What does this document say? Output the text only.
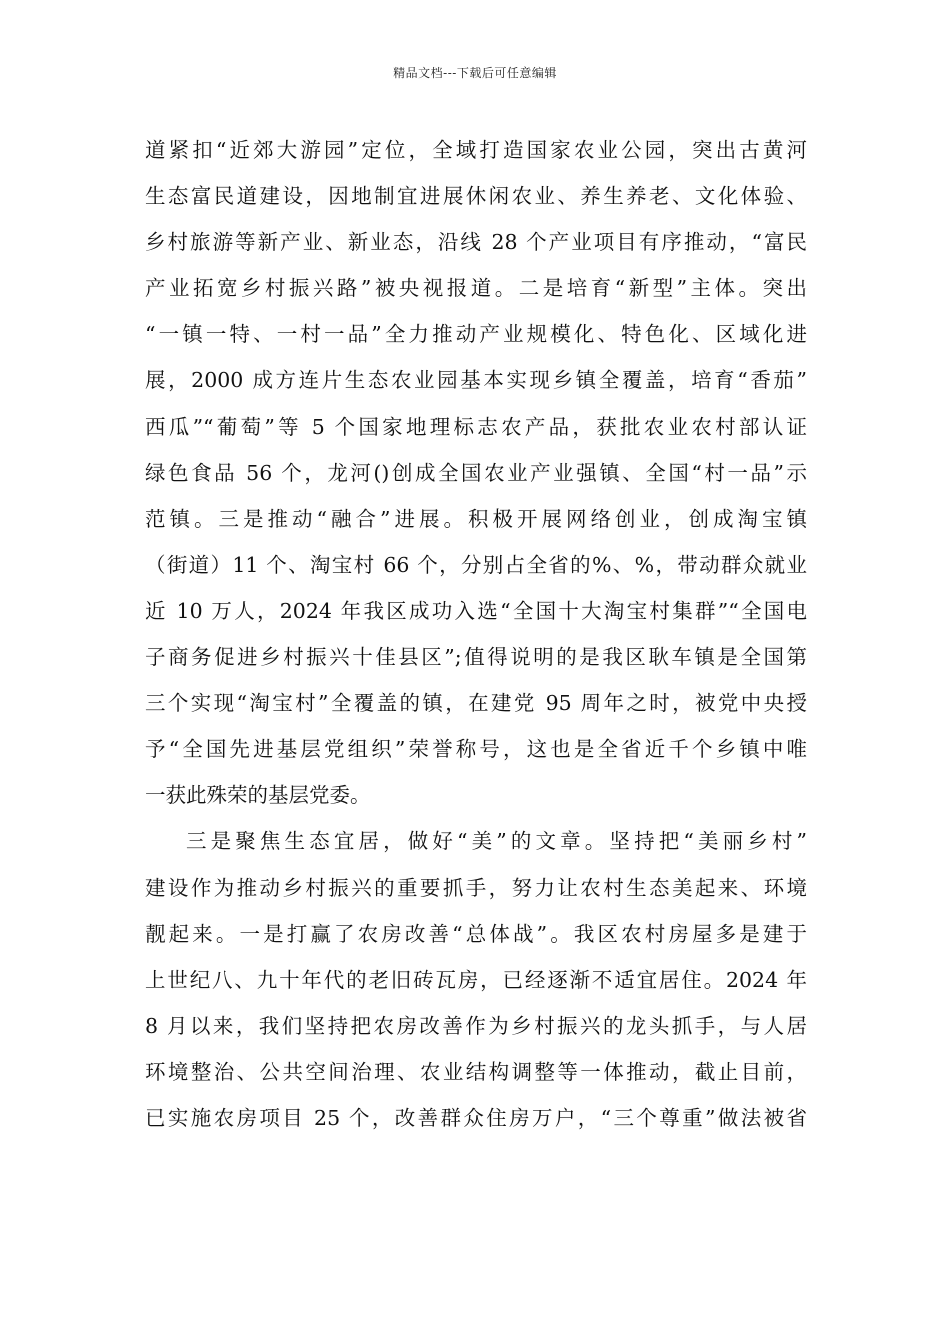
精品文档---下载后可任意编辑
道紧扣“近郊大游园”定位，全域打造国家农业公园，突出古黄河
生态富民道建设，因地制宜进展休闲农业、养生养老、文化体验、
乡村旅游等新产业、新业态，沿线 28 个产业项目有序推动，“富民
产业拓宽乡村振兴路”被央视报道。二是培育“新型”主体。突出
“一镇一特、一村一品”全力推动产业规模化、特色化、区域化进
展，2000 成方连片生态农业园基本实现乡镇全覆盖，培育“香茄”
西瓜”“葡萄”等 5 个国家地理标志农产品，获批农业农村部认证
绿色食品 56 个，龙河()创成全国农业产业强镇、全国“村一品”示
范镇。三是推动“融合”进展。积极开展网络创业，创成淘宝镇
（街道）11 个、淘宝村 66 个，分别占全省的%、%，带动群众就业
近 10 万人，2024 年我区成功入选“全国十大淘宝村集群”“全国电
子商务促进乡村振兴十佳县区”;值得说明的是我区耿车镇是全国第
三个实现“淘宝村”全覆盖的镇，在建党 95 周年之时，被党中央授
予“全国先进基层党组织”荣誉称号，这也是全省近千个乡镇中唯
一获此殊荣的基层党委。
三是聚焦生态宜居，做好“美”的文章。坚持把“美丽乡村”
建设作为推动乡村振兴的重要抓手，努力让农村生态美起来、环境
靓起来。一是打赢了农房改善“总体战”。我区农村房屋多是建于
上世纪八、九十年代的老旧砖瓦房，已经逐渐不适宜居住。2024 年
8 月以来，我们坚持把农房改善作为乡村振兴的龙头抓手，与人居
环境整治、公共空间治理、农业结构调整等一体推动，截止目前，
已实施农房项目 25 个，改善群众住房万户，“三个尊重”做法被省
